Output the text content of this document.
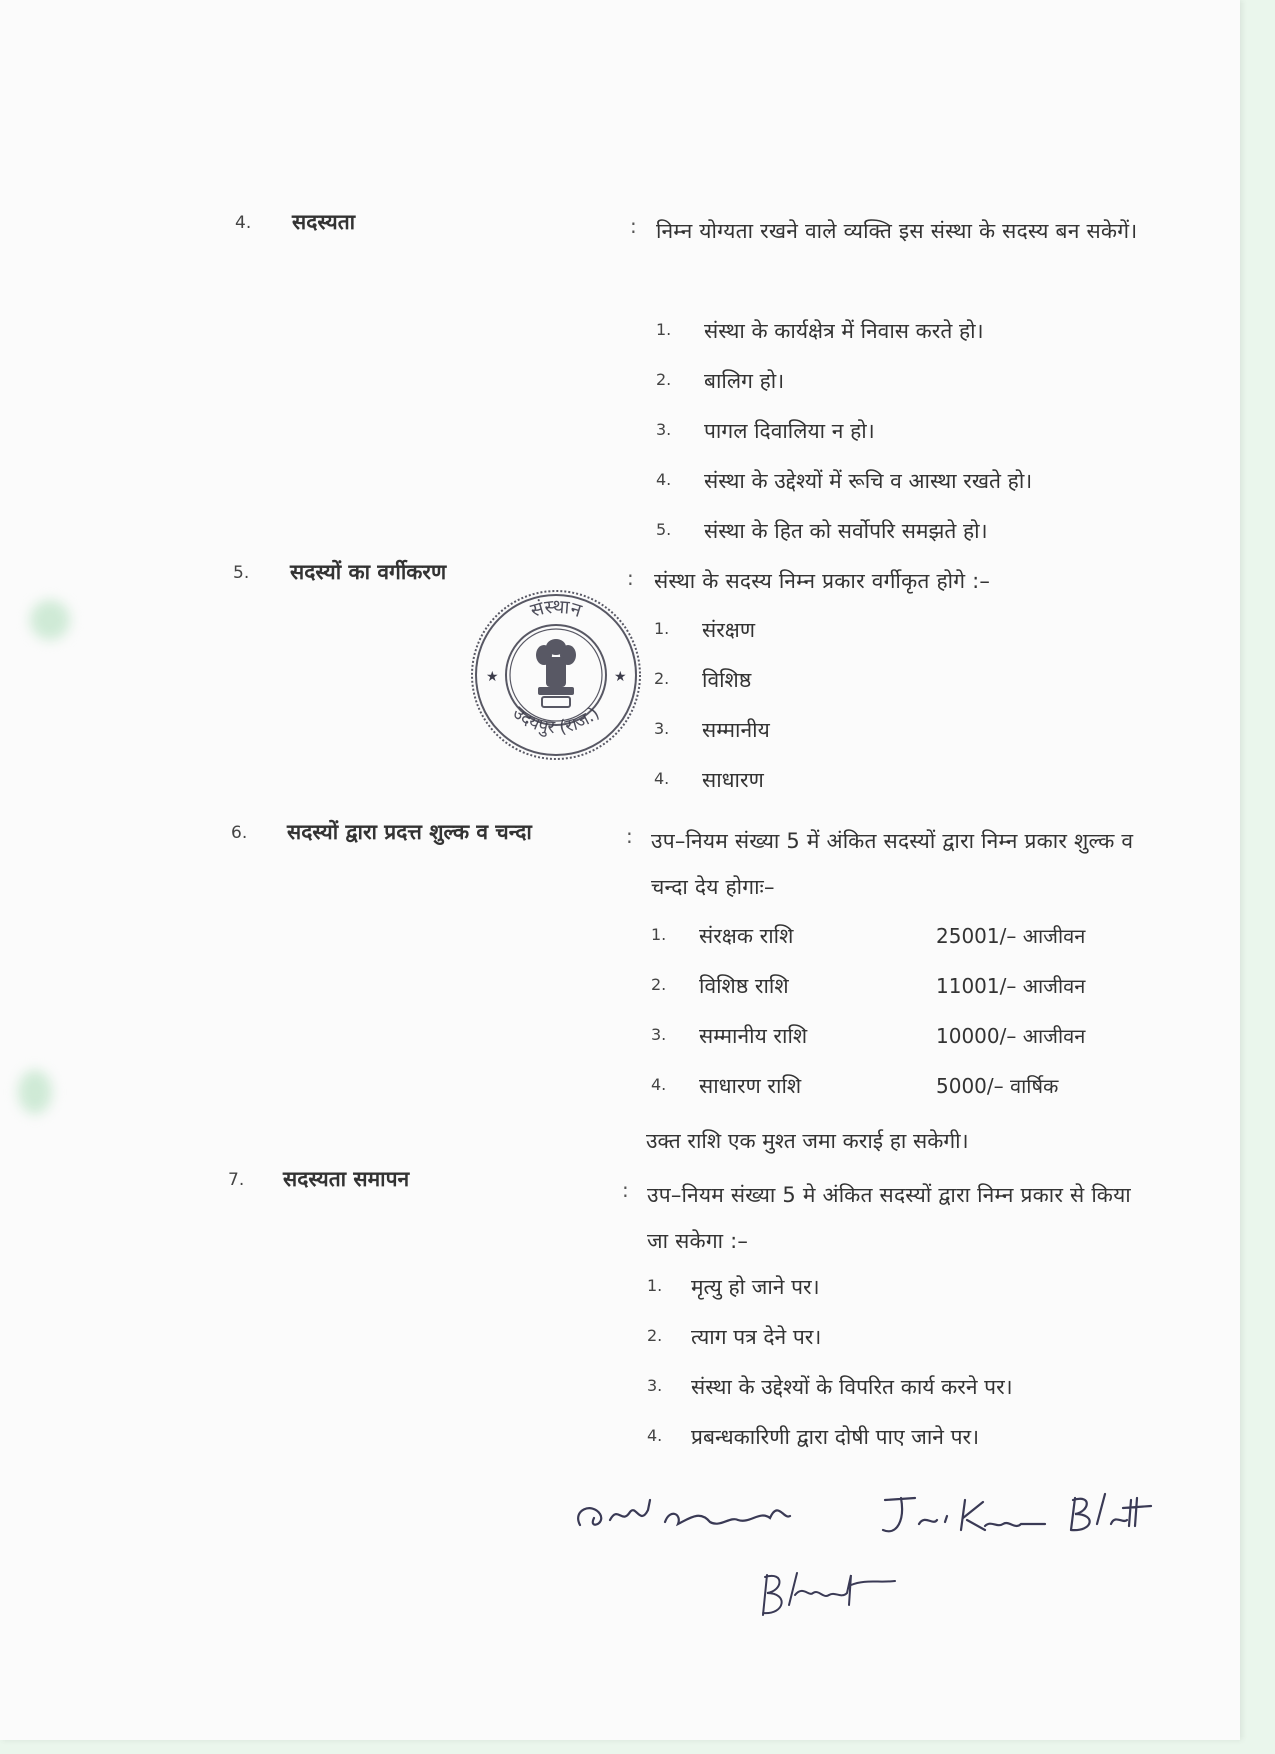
4. सदस्यता	: निम्न योग्यता रखने वाले व्यक्ति इस संस्था के सदस्य बन सकेगें।
1. संस्था के कार्यक्षेत्र में निवास करते हो।
2. बालिग हो।
3. पागल दिवालिया न हो।
4. संस्था के उद्देश्यों में रूचि व आस्था रखते हो।
5. संस्था के हित को सर्वोपरि समझते हो।
5. सदस्यों का वर्गीकरण	: संस्था के सदस्य निम्न प्रकार वर्गीकृत होगे :–
1. संरक्षण
2. विशिष्ठ
3. सम्मानीय
4. साधारण
संस्थान
उदयपुर (राज.)
★	★
6. सदस्यों द्वारा प्रदत्त शुल्क व चन्दा	: उप–नियम संख्या 5 में अंकित सदस्यों द्वारा निम्न प्रकार शुल्क व चन्दा देय होगाः–
1. संरक्षक राशि	25001/– आजीवन
2. विशिष्ठ राशि	11001/– आजीवन
3. सम्मानीय राशि	10000/– आजीवन
4. साधारण राशि	5000/– वार्षिक
उक्त राशि एक मुश्त जमा कराई हा सकेगी।
7. सदस्यता समापन	: उप–नियम संख्या 5 मे अंकित सदस्यों द्वारा निम्न प्रकार से किया जा सकेगा :–
1. मृत्यु हो जाने पर।
2. त्याग पत्र देने पर।
3. संस्था के उद्देश्यों के विपरित कार्य करने पर।
4. प्रबन्धकारिणी द्वारा दोषी पाए जाने पर।
